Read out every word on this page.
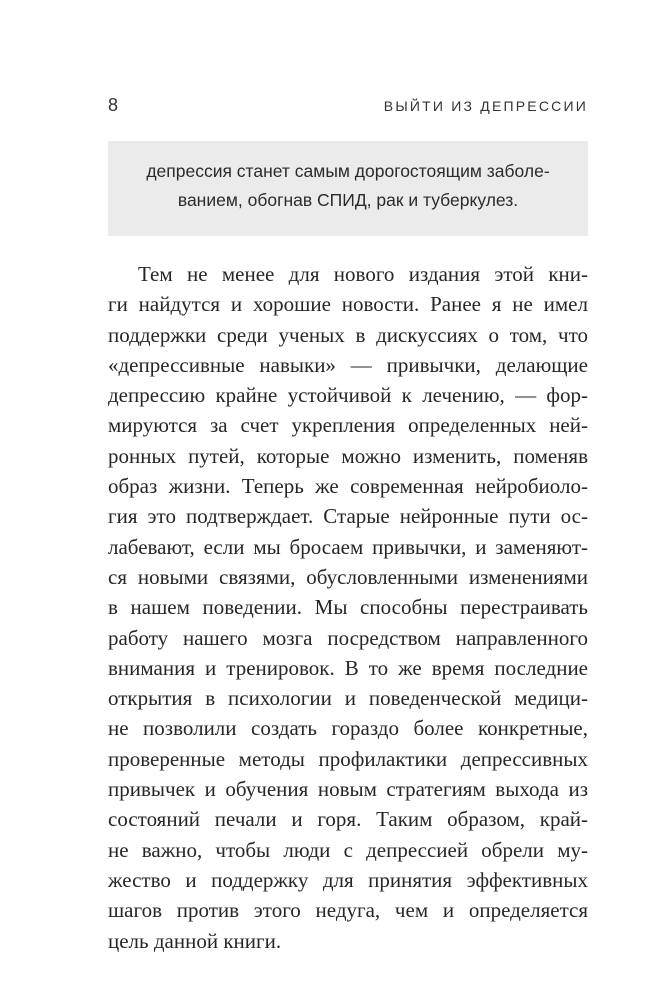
8	ВЫЙТИ ИЗ ДЕПРЕССИИ
депрессия станет самым дорогостоящим заболе-
ванием, обогнав СПИД, рак и туберкулез.
Тем не менее для нового издания этой кни-
ги найдутся и хорошие новости. Ранее я не имел
поддержки среди ученых в дискуссиях о том, что
«депрессивные навыки» — привычки, делающие
депрессию крайне устойчивой к лечению, — фор-
мируются за счет укрепления определенных ней-
ронных путей, которые можно изменить, поменяв
образ жизни. Теперь же современная нейробиоло-
гия это подтверждает. Старые нейронные пути ос-
лабевают, если мы бросаем привычки, и заменяют-
ся новыми связями, обусловленными изменениями
в нашем поведении. Мы способны перестраивать
работу нашего мозга посредством направленного
внимания и тренировок. В то же время последние
открытия в психологии и поведенческой медици-
не позволили создать гораздо более конкретные,
проверенные методы профилактики депрессивных
привычек и обучения новым стратегиям выхода из
состояний печали и горя. Таким образом, край-
не важно, чтобы люди с депрессией обрели му-
жество и поддержку для принятия эффективных
шагов против этого недуга, чем и определяется
цель данной книги.
